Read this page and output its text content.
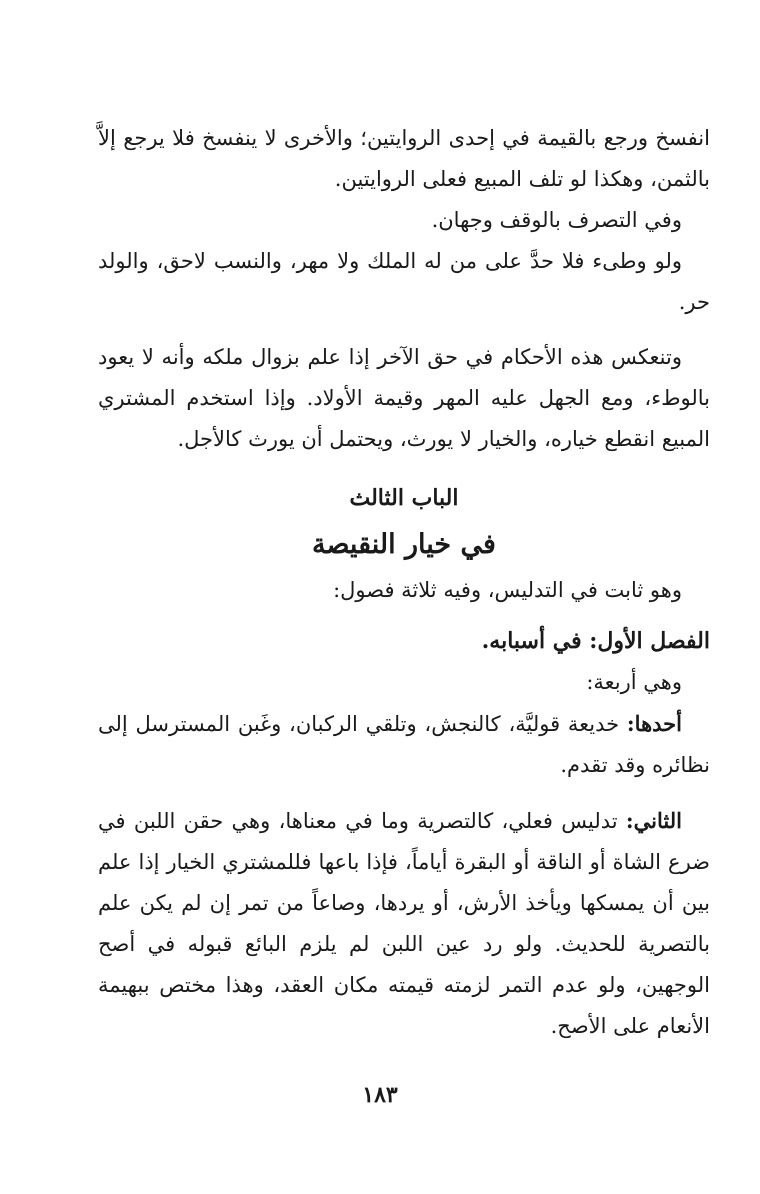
انفسخ ورجع بالقيمة في إحدى الروايتين؛ والأخرى لا ينفسخ فلا يرجع إلاَّ بالثمن، وهكذا لو تلف المبيع فعلى الروايتين.

وفي التصرف بالوقف وجهان.

ولو وطىء فلا حدَّ على من له الملك ولا مهر، والنسب لاحق، والولد حر.

وتنعكس هذه الأحكام في حق الآخر إذا علم بزوال ملكه وأنه لا يعود بالوطء، ومع الجهل عليه المهر وقيمة الأولاد. وإذا استخدم المشتري المبيع انقطع خياره، والخيار لا يورث، ويحتمل أن يورث كالأجل.

الباب الثالث

في خيار النقيصة

وهو ثابت في التدليس، وفيه ثلاثة فصول:

الفصل الأول: في أسبابه.

وهي أربعة:

أحدها: خديعة قوليَّة، كالنجش، وتلقي الركبان، وغَبن المسترسل إلى نظائره وقد تقدم.

الثاني: تدليس فعلي، كالتصرية وما في معناها، وهي حقن اللبن في ضرع الشاة أو الناقة أو البقرة أياماً، فإذا باعها فللمشتري الخيار إذا علم بين أن يمسكها ويأخذ الأرش، أو يردها، وصاعاً من تمر إن لم يكن علم بالتصرية للحديث. ولو رد عين اللبن لم يلزم البائع قبوله في أصح الوجهين، ولو عدم التمر لزمته قيمته مكان العقد، وهذا مختص ببهيمة الأنعام على الأصح.

١٨٣
